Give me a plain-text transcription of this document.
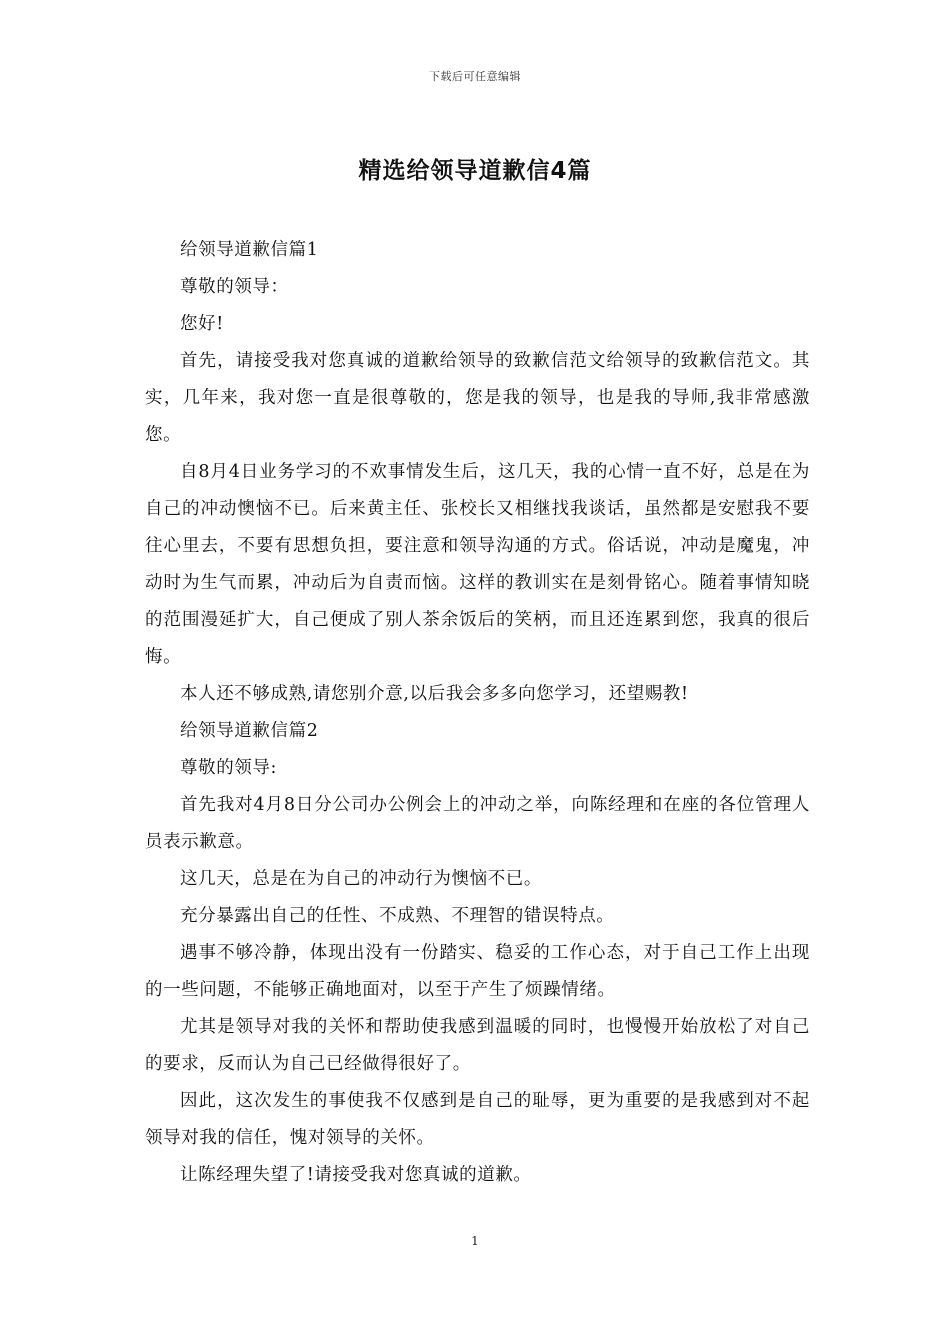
下载后可任意编辑
精选给领导道歉信4篇

给领导道歉信篇1

尊敬的领导：

您好!

首先，请接受我对您真诚的道歉给领导的致歉信范文给领导的致歉信范文。其实，几年来，我对您一直是很尊敬的，您是我的领导，也是我的导师,我非常感激您。

自8月4日业务学习的不欢事情发生后，这几天，我的心情一直不好，总是在为自己的冲动懊恼不已。后来黄主任、张校长又相继找我谈话，虽然都是安慰我不要往心里去，不要有思想负担，要注意和领导沟通的方式。俗话说，冲动是魔鬼，冲动时为生气而累，冲动后为自责而恼。这样的教训实在是刻骨铭心。随着事情知晓的范围漫延扩大，自己便成了别人茶余饭后的笑柄，而且还连累到您，我真的很后悔。

本人还不够成熟,请您别介意,以后我会多多向您学习，还望赐教!

给领导道歉信篇2

尊敬的领导:

首先我对4月8日分公司办公例会上的冲动之举，向陈经理和在座的各位管理人员表示歉意。

这几天，总是在为自己的冲动行为懊恼不已。

充分暴露出自己的任性、不成熟、不理智的错误特点。

遇事不够冷静，体现出没有一份踏实、稳妥的工作心态，对于自己工作上出现的一些问题，不能够正确地面对，以至于产生了烦躁情绪。

尤其是领导对我的关怀和帮助使我感到温暖的同时，也慢慢开始放松了对自己的要求，反而认为自己已经做得很好了。

因此，这次发生的事使我不仅感到是自己的耻辱，更为重要的是我感到对不起领导对我的信任，愧对领导的关怀。

让陈经理失望了!请接受我对您真诚的道歉。

1
